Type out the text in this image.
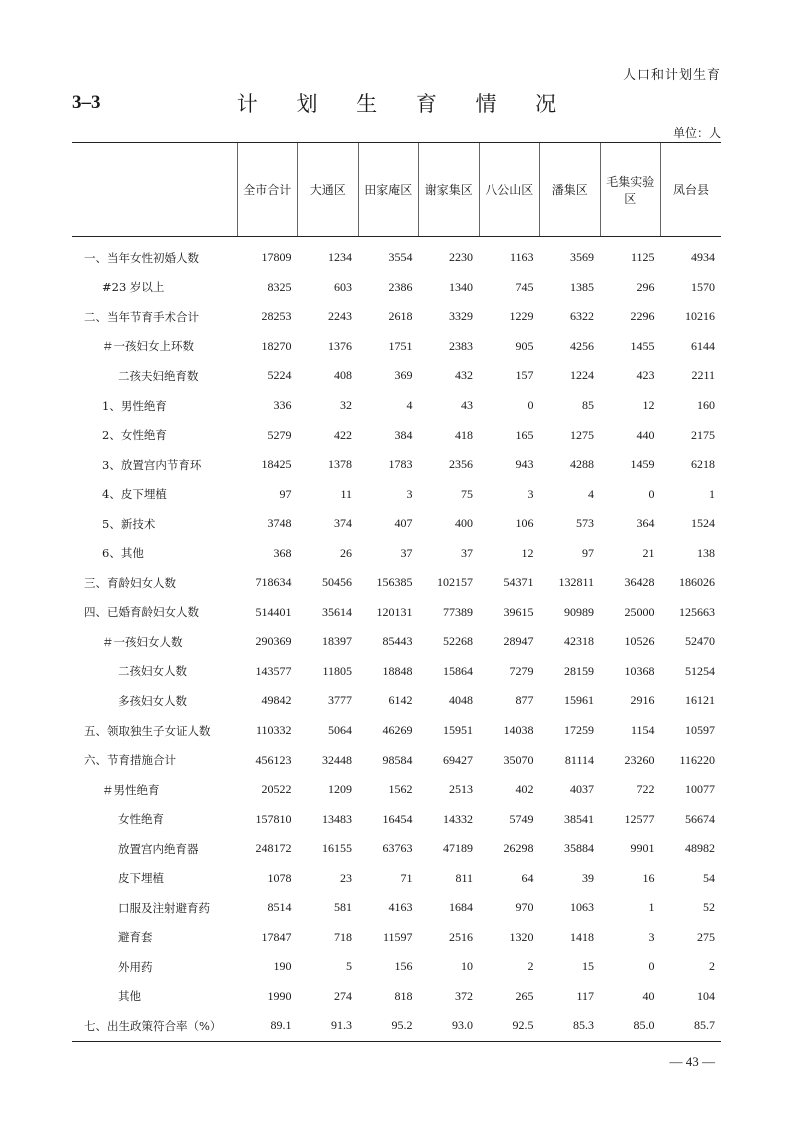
人口和计划生育
3–3	计 划 生 育 情 况
单位：人
	全市合计	大通区	田家庵区	谢家集区	八公山区	潘集区	毛集实验区	凤台县
一、当年女性初婚人数	17809	1234	3554	2230	1163	3569	1125	4934
#23 岁以上	8325	603	2386	1340	745	1385	296	1570
二、当年节育手术合计	28253	2243	2618	3329	1229	6322	2296	10216
＃一孩妇女上环数	18270	1376	1751	2383	905	4256	1455	6144
二孩夫妇绝育数	5224	408	369	432	157	1224	423	2211
1、男性绝育	336	32	4	43	0	85	12	160
2、女性绝育	5279	422	384	418	165	1275	440	2175
3、放置宫内节育环	18425	1378	1783	2356	943	4288	1459	6218
4、皮下埋植	97	11	3	75	3	4	0	1
5、新技术	3748	374	407	400	106	573	364	1524
6、其他	368	26	37	37	12	97	21	138
三、育龄妇女人数	718634	50456	156385	102157	54371	132811	36428	186026
四、已婚育龄妇女人数	514401	35614	120131	77389	39615	90989	25000	125663
＃一孩妇女人数	290369	18397	85443	52268	28947	42318	10526	52470
二孩妇女人数	143577	11805	18848	15864	7279	28159	10368	51254
多孩妇女人数	49842	3777	6142	4048	877	15961	2916	16121
五、领取独生子女证人数	110332	5064	46269	15951	14038	17259	1154	10597
六、节育措施合计	456123	32448	98584	69427	35070	81114	23260	116220
＃男性绝育	20522	1209	1562	2513	402	4037	722	10077
女性绝育	157810	13483	16454	14332	5749	38541	12577	56674
放置宫内绝育器	248172	16155	63763	47189	26298	35884	9901	48982
皮下埋植	1078	23	71	811	64	39	16	54
口服及注射避育药	8514	581	4163	1684	970	1063	1	52
避育套	17847	718	11597	2516	1320	1418	3	275
外用药	190	5	156	10	2	15	0	2
其他	1990	274	818	372	265	117	40	104
七、出生政策符合率（%）	89.1	91.3	95.2	93.0	92.5	85.3	85.0	85.7
— 43 —
